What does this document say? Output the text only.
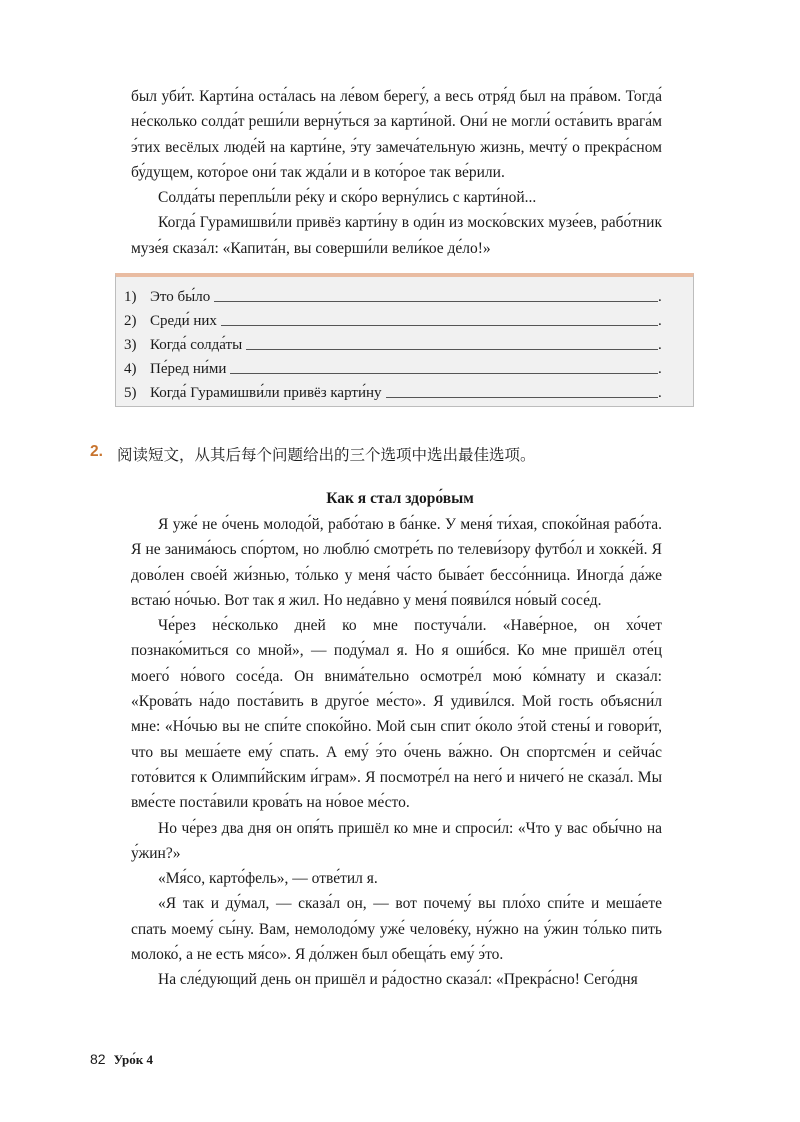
был уби́т. Карти́на оста́лась на ле́вом берегу́, а весь отря́д был на пра́вом. Тогда́ не́сколько солда́т реши́ли верну́ться за карти́ной. Они́ не могли́ оста́вить врага́м э́тих весёлых люде́й на карти́не, э́ту замеча́тельную жизнь, мечту́ о прекра́сном бу́дущем, кото́рое они́ так жда́ли и в кото́рое так ве́рили.

Солда́ты переплы́ли ре́ку и ско́ро верну́лись с карти́ной...

Когда́ Гурамишви́ли привёз карти́ну в оди́н из моско́вских музе́ев, рабо́тник музе́я сказа́л: «Капита́н, вы соверши́ли вели́кое де́ло!»

1) Это бы́ло	.
2) Среди́ них	.
3) Когда́ солда́ты	.
4) Пе́ред ни́ми	.
5) Когда́ Гурамишви́ли привёз карти́ну	.
2. 阅读短文，从其后每个问题给出的三个选项中选出最佳选项。
Как я стал здоро́вым

Я уже́ не о́чень молодо́й, рабо́таю в ба́нке. У меня́ ти́хая, споко́йная рабо́та. Я не занима́юсь спо́ртом, но люблю́ смотре́ть по телеви́зору футбо́л и хокке́й. Я дово́лен свое́й жи́знью, то́лько у меня́ ча́сто быва́ет бессо́нница. Иногда́ да́же встаю́ но́чью. Вот так я жил. Но неда́вно у меня́ появи́лся но́вый сосе́д.

Че́рез не́сколько дней ко мне постуча́ли. «Наве́рное, он хо́чет познако́миться со мной», — поду́мал я. Но я оши́бся. Ко мне пришёл оте́ц моего́ но́вого сосе́да. Он внима́тельно осмотре́л мою́ ко́мнату и сказа́л: «Крова́ть на́до поста́вить в друго́е ме́сто». Я удиви́лся. Мой гость объясни́л мне: «Но́чью вы не спи́те споко́йно. Мой сын спит о́коло э́той стены́ и говори́т, что вы меша́ете ему́ спать. А ему́ э́то о́чень ва́жно. Он спортсме́н и сейча́с гото́вится к Олимпи́йским и́грам». Я посмотре́л на него́ и ничего́ не сказа́л. Мы вме́сте поста́вили крова́ть на но́вое ме́сто.

Но че́рез два дня он опя́ть пришёл ко мне и спроси́л: «Что у вас обы́чно на у́жин?»

«Мя́со, карто́фель», — отве́тил я.

«Я так и ду́мал, — сказа́л он, — вот почему́ вы пло́хо спи́те и меша́ете спать моему́ сы́ну. Вам, немолодо́му уже́ челове́ку, ну́жно на у́жин то́лько пить молоко́, а не есть мя́со». Я до́лжен был обеща́ть ему́ э́то.

На сле́дующий день он пришёл и ра́достно сказа́л: «Прекра́сно! Сего́дня

82 Уро́к 4
